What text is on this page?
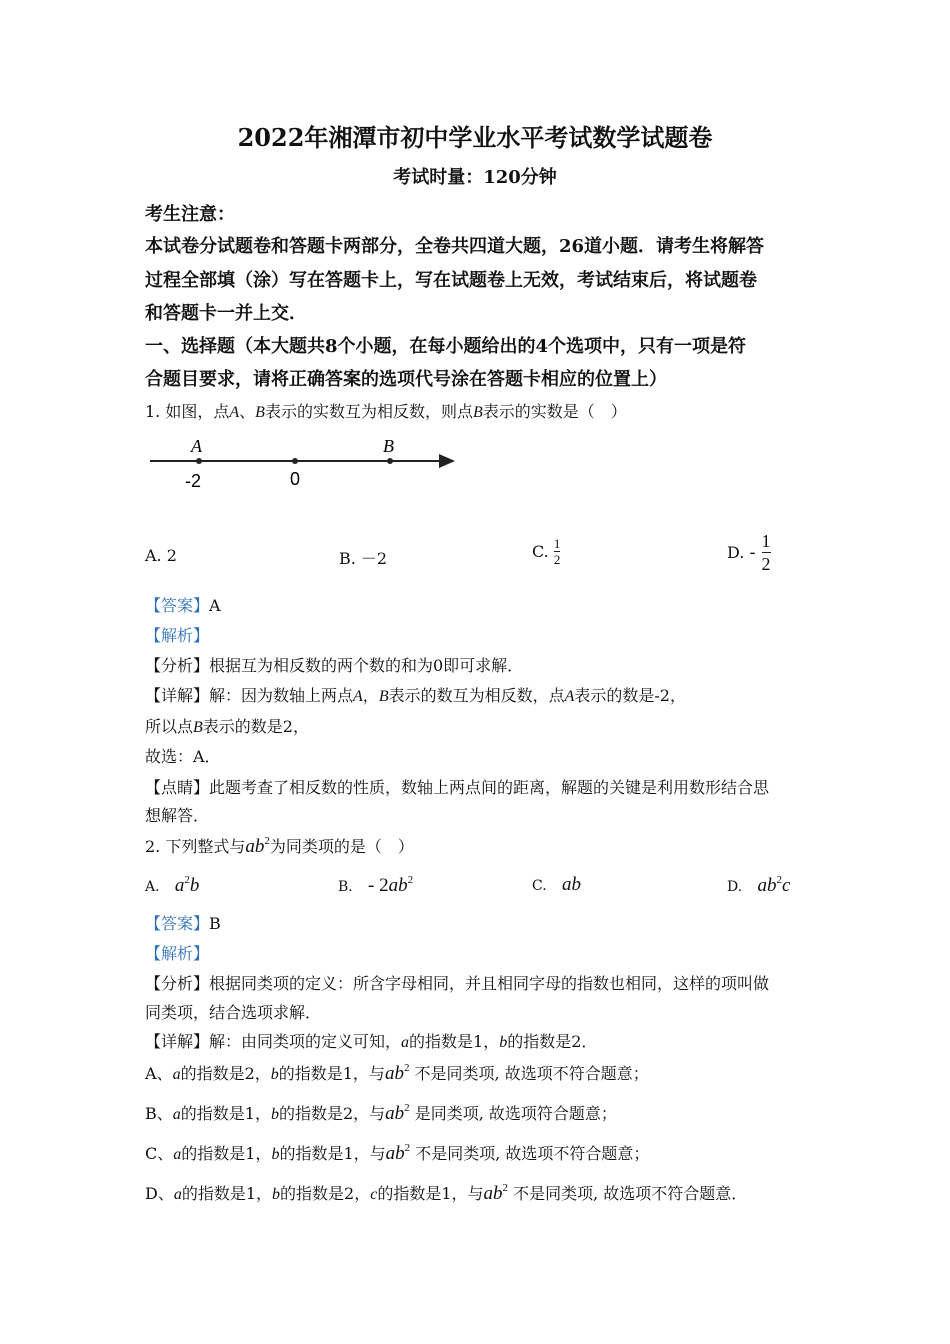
2022年湘潭市初中学业水平考试数学试题卷
考试时量：120分钟
考生注意：
本试卷分试题卷和答题卡两部分，全卷共四道大题，26道小题．请考生将解答
过程全部填（涂）写在答题卡上，写在试题卷上无效，考试结束后，将试题卷
和答题卡一并上交．
一、选择题（本大题共8个小题，在每小题给出的4个选项中，只有一项是符
合题目要求，请将正确答案的选项代号涂在答题卡相应的位置上）
1. 如图，点A、B表示的实数互为相反数，则点B表示的实数是（　）
A	B
-2	0
A. 2	B. －2	C. $\frac{1}{2}$	D. - $\frac{1}{2}$
【答案】A
【解析】
【分析】根据互为相反数的两个数的和为0即可求解．
【详解】解：因为数轴上两点A，B表示的数互为相反数，点A表示的数是-2，
所以点B表示的数是2，
故选：A．
【点睛】此题考查了相反数的性质，数轴上两点间的距离，解题的关键是利用数形结合思
想解答．
2. 下列整式与$ab^2$为同类项的是（　）
A. $a^2b$	B. - $2ab^2$	C. ab	D. $ab^2c$
【答案】B
【解析】
【分析】根据同类项的定义：所含字母相同，并且相同字母的指数也相同，这样的项叫做
同类项，结合选项求解．
【详解】解：由同类项的定义可知，a的指数是1，b的指数是2．
A、a的指数是2，b的指数是1，与$ab^2$ 不是同类项, 故选项不符合题意；
B、a的指数是1，b的指数是2，与$ab^2$ 是同类项, 故选项符合题意；
C、a的指数是1，b的指数是1，与$ab^2$ 不是同类项, 故选项不符合题意；
D、a的指数是1，b的指数是2，c的指数是1，与$ab^2$ 不是同类项, 故选项不符合题意．
